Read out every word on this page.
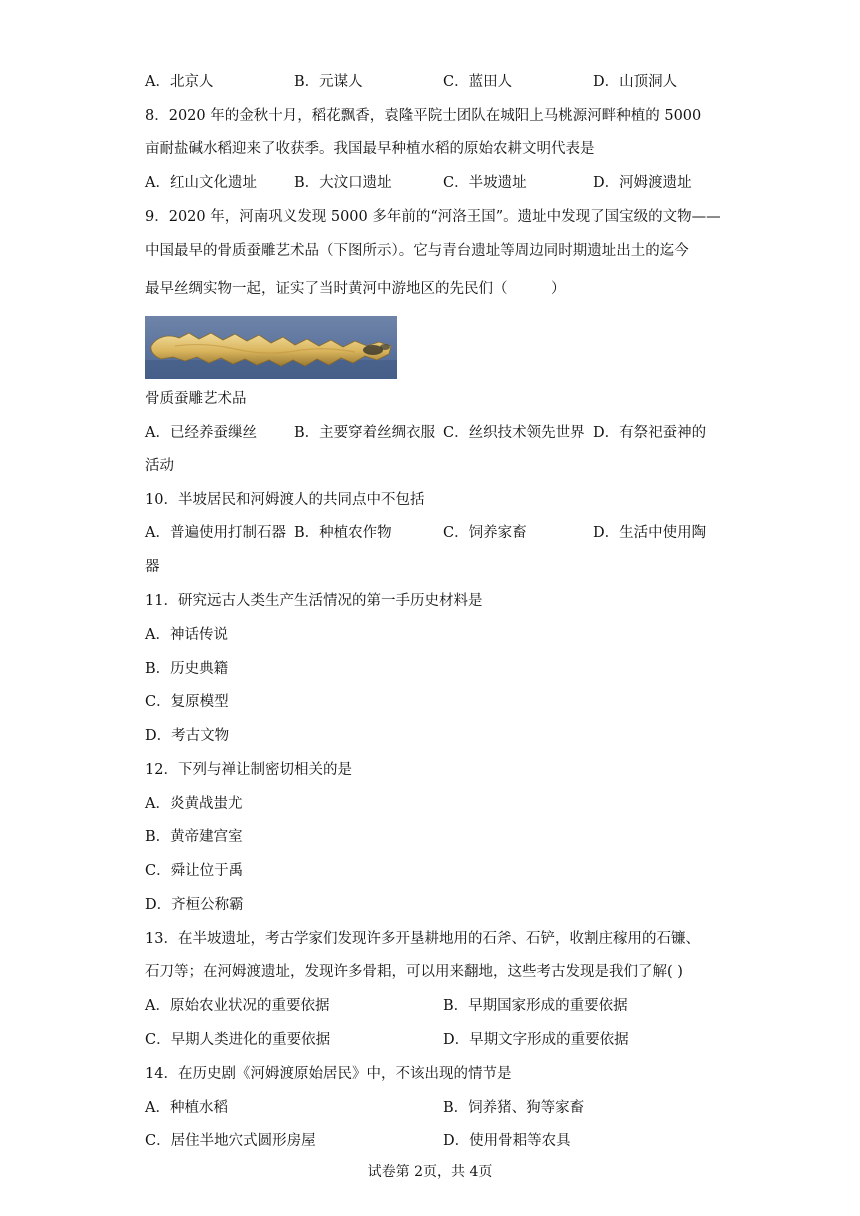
A．北京人	B．元谋人	C．蓝田人	D．山顶洞人
8．2020 年的金秋十月，稻花飘香，袁隆平院士团队在城阳上马桃源河畔种植的 5000
亩耐盐碱水稻迎来了收获季。我国最早种植水稻的原始农耕文明代表是
A．红山文化遗址	B．大汶口遗址	C．半坡遗址	D．河姆渡遗址
9．2020 年，河南巩义发现 5000 多年前的“河洛王国”。遗址中发现了国宝级的文物——
中国最早的骨质蚕雕艺术品（下图所示）。它与青台遗址等周边同时期遗址出土的迄今
最早丝绸实物一起，证实了当时黄河中游地区的先民们（　　　）
骨质蚕雕艺术品
A．已经养蚕缫丝	B．主要穿着丝绸衣服 C．丝织技术领先世界 D．有祭祀蚕神的
活动
10．半坡居民和河姆渡人的共同点中不包括
A．普遍使用打制石器 B．种植农作物	C．饲养家畜	D．生活中使用陶
器
11．研究远古人类生产生活情况的第一手历史材料是
A．神话传说
B．历史典籍
C．复原模型
D．考古文物
12．下列与禅让制密切相关的是
A．炎黄战蚩尤
B．黄帝建宫室
C．舜让位于禹
D．齐桓公称霸
13．在半坡遗址，考古学家们发现许多开垦耕地用的石斧、石铲，收割庄稼用的石镰、
石刀等；在河姆渡遗址，发现许多骨耜，可以用来翻地，这些考古发现是我们了解( )
A．原始农业状况的重要依据	B．早期国家形成的重要依据
C．早期人类进化的重要依据	D．早期文字形成的重要依据
14．在历史剧《河姆渡原始居民》中，不该出现的情节是
A．种植水稻	B．饲养猪、狗等家畜
C．居住半地穴式圆形房屋	D．使用骨耜等农具
试卷第 2页，共 4页
